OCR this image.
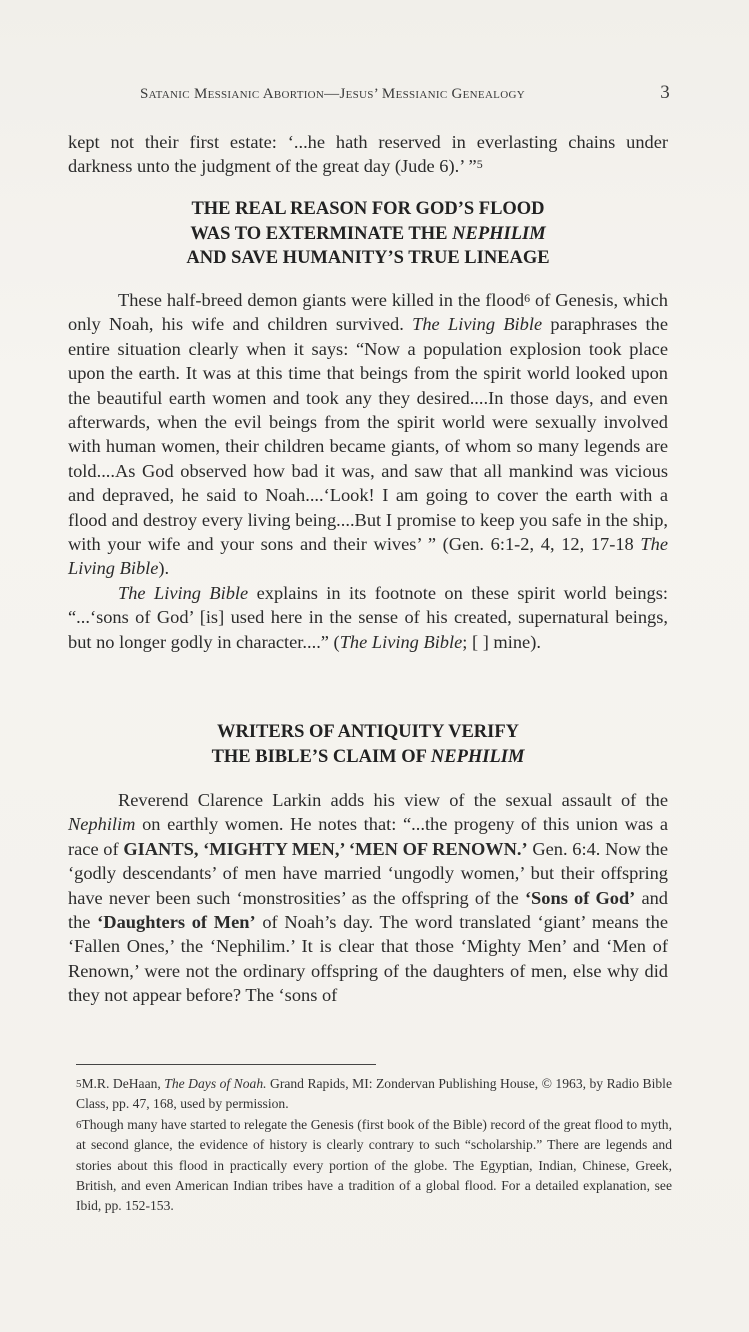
Satanic Messianic Abortion—Jesus’ Messianic Genealogy	3

kept not their first estate: ‘...he hath reserved in everlasting chains under darkness unto the judgment of the great day (Jude 6).’ ”$^5$

THE REAL REASON FOR GOD’S FLOOD
WAS TO EXTERMINATE THE NEPHILIM
AND SAVE HUMANITY’S TRUE LINEAGE

These half-breed demon giants were killed in the flood$^6$ of Genesis, which only Noah, his wife and children survived. The Living Bible paraphrases the entire situation clearly when it says: “Now a population explosion took place upon the earth. It was at this time that beings from the spirit world looked upon the beautiful earth women and took any they desired....In those days, and even afterwards, when the evil beings from the spirit world were sexually involved with human women, their children became giants, of whom so many legends are told....As God observed how bad it was, and saw that all mankind was vicious and depraved, he said to Noah....‘Look! I am going to cover the earth with a flood and destroy every living being....But I promise to keep you safe in the ship, with your wife and your sons and their wives’ ” (Gen. 6:1-2, 4, 12, 17-18 The Living Bible).

The Living Bible explains in its footnote on these spirit world beings: “...‘sons of God’ [is] used here in the sense of his created, supernatural beings, but no longer godly in character....” (The Living Bible; [ ] mine).

WRITERS OF ANTIQUITY VERIFY
THE BIBLE’S CLAIM OF NEPHILIM

Reverend Clarence Larkin adds his view of the sexual assault of the Nephilim on earthly women. He notes that: “...the progeny of this union was a race of GIANTS, ‘MIGHTY MEN,’ ‘MEN OF RENOWN.’ Gen. 6:4. Now the ‘godly descendants’ of men have married ‘ungodly women,’ but their offspring have never been such ‘monstrosities’ as the offspring of the ‘Sons of God’ and the ‘Daughters of Men’ of Noah’s day. The word translated ‘giant’ means the ‘Fallen Ones,’ the ‘Nephilim.’ It is clear that those ‘Mighty Men’ and ‘Men of Renown,’ were not the ordinary offspring of the daughters of men, else why did they not appear before? The ‘sons of

$^5$M.R. DeHaan, The Days of Noah. Grand Rapids, MI: Zondervan Publishing House, © 1963, by Radio Bible Class, pp. 47, 168, used by permission.

$^6$Though many have started to relegate the Genesis (first book of the Bible) record of the great flood to myth, at second glance, the evidence of history is clearly contrary to such “scholarship.” There are legends and stories about this flood in practically every portion of the globe. The Egyptian, Indian, Chinese, Greek, British, and even American Indian tribes have a tradition of a global flood. For a detailed explanation, see Ibid, pp. 152-153.
